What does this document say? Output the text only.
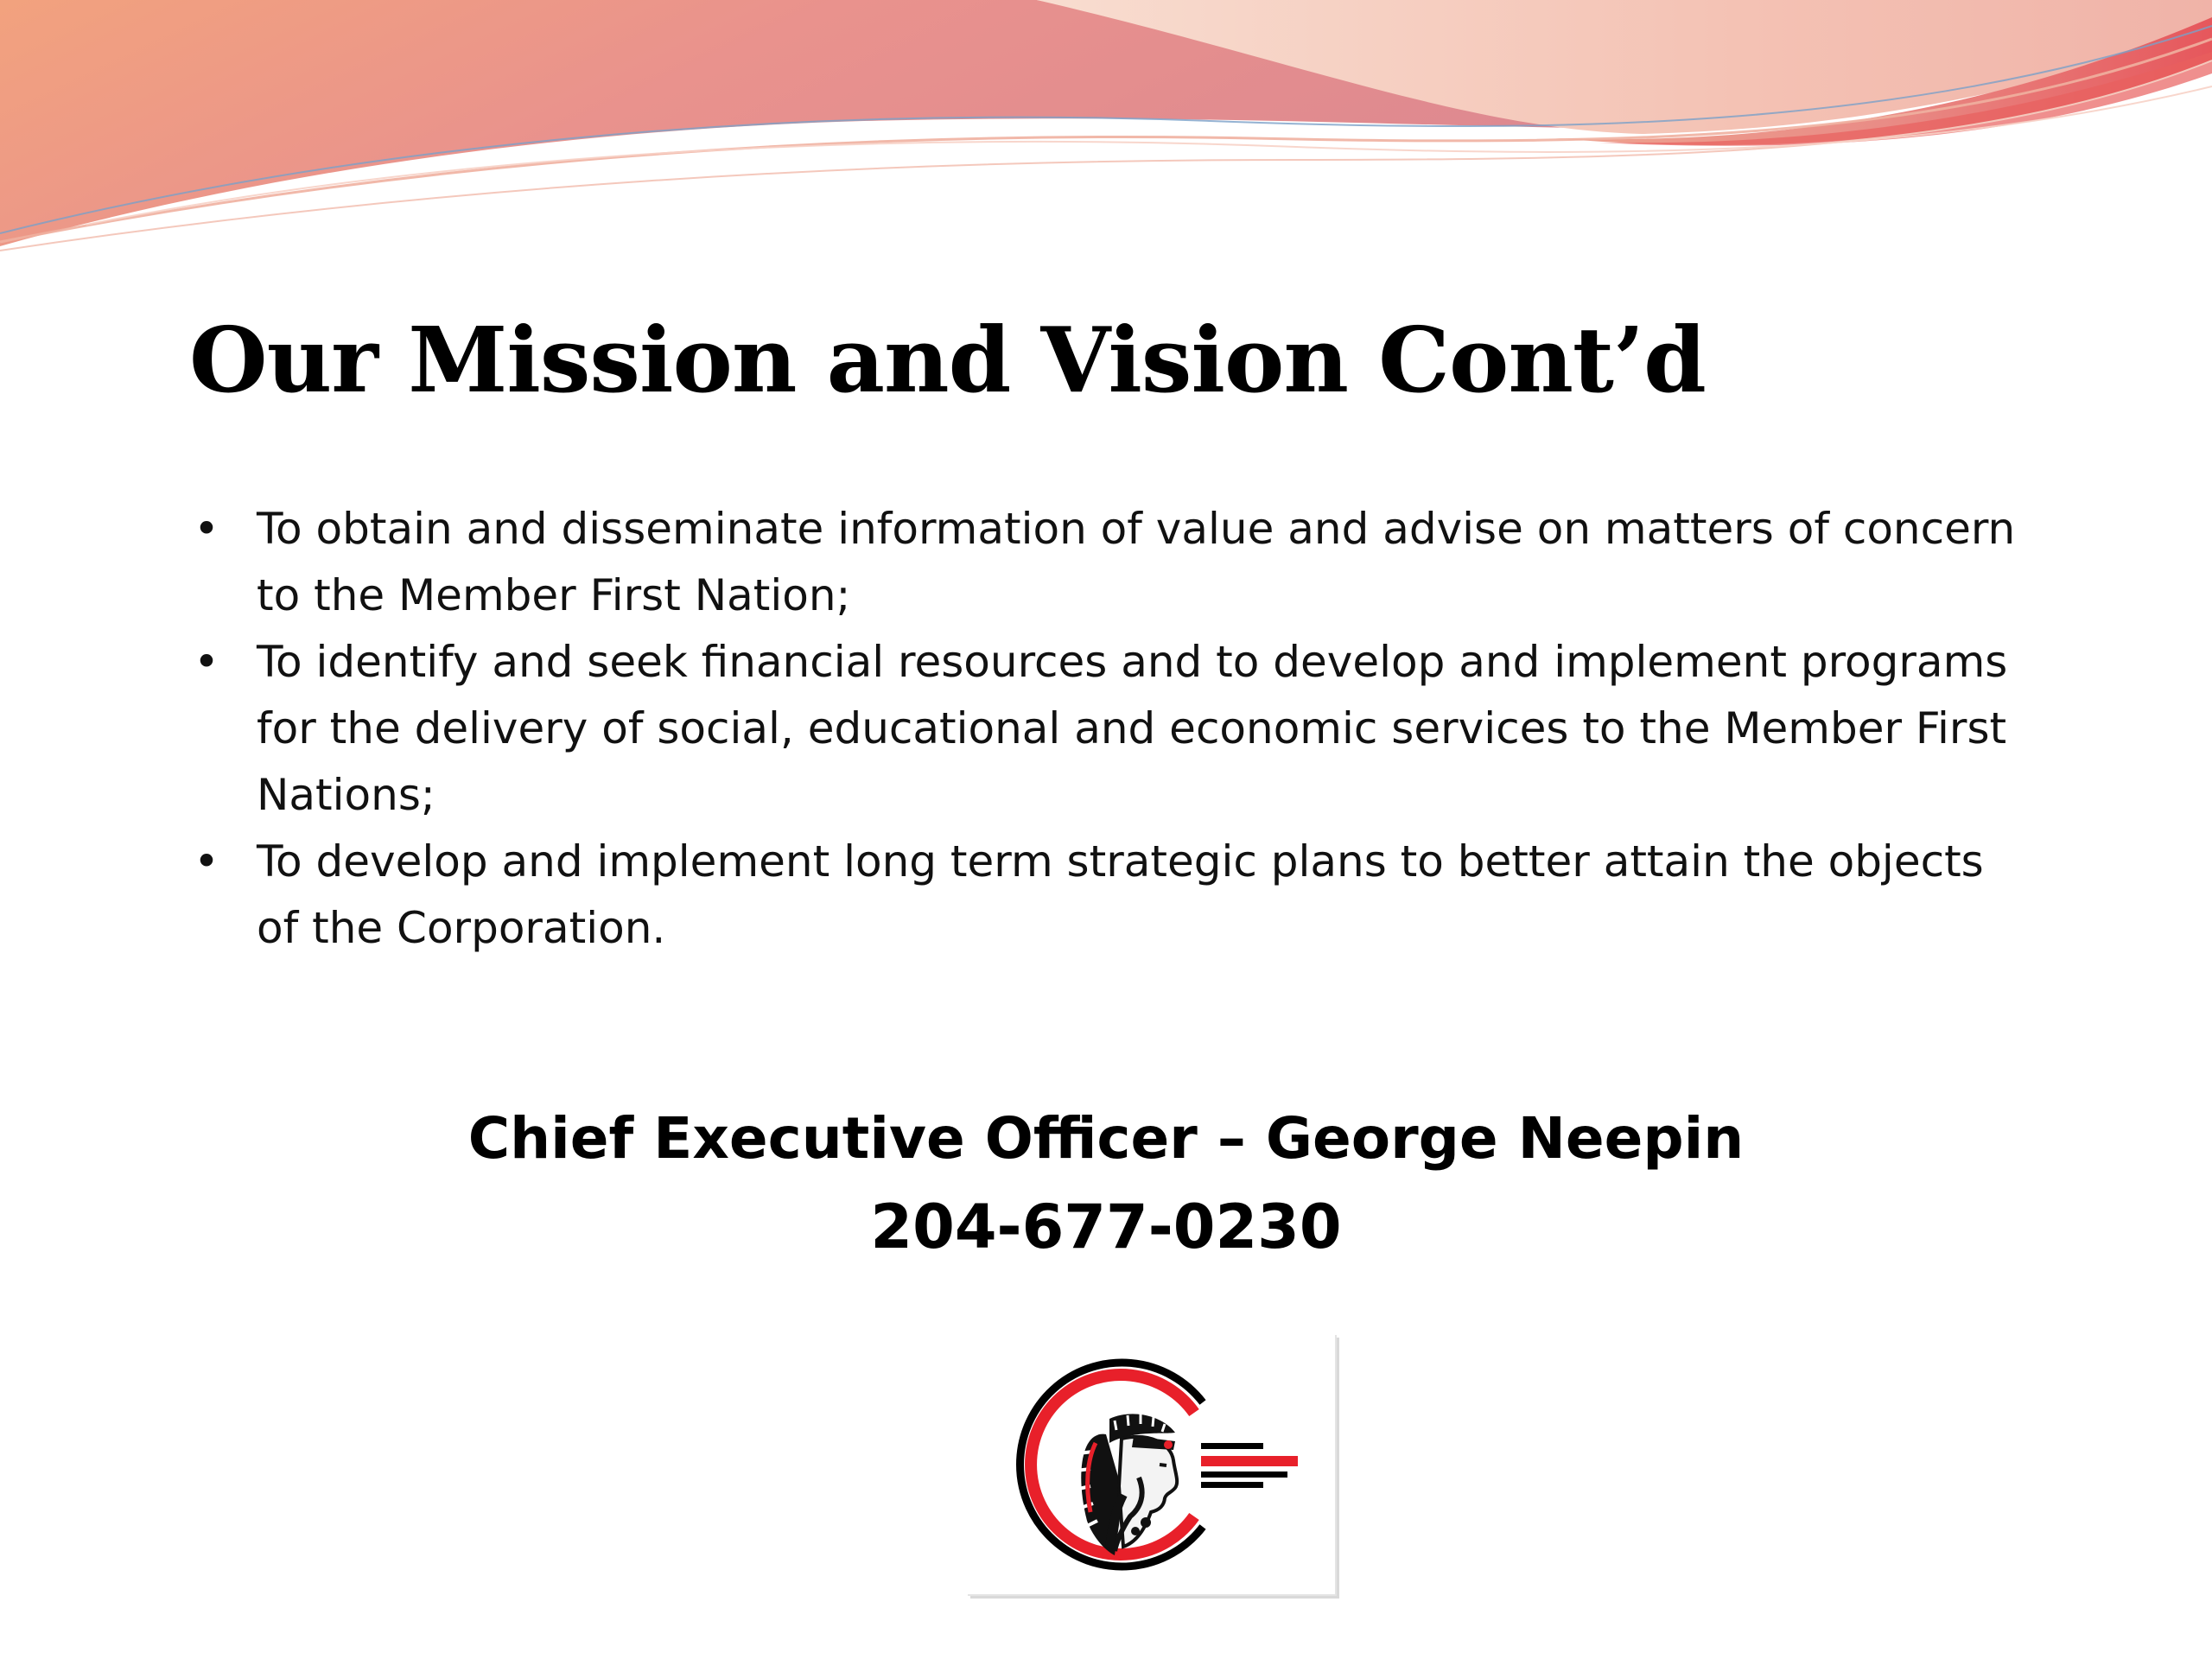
Our Mission and Vision Cont’d
• To obtain and disseminate information of value and advise on matters of concern to the Member First Nation;
• To identify and seek financial resources and to develop and implement programs for the delivery of social, educational and economic services to the Member First Nations;
• To develop and implement long term strategic plans to better attain the objects of the Corporation.
Chief Executive Officer – George Neepin
204-677-0230
